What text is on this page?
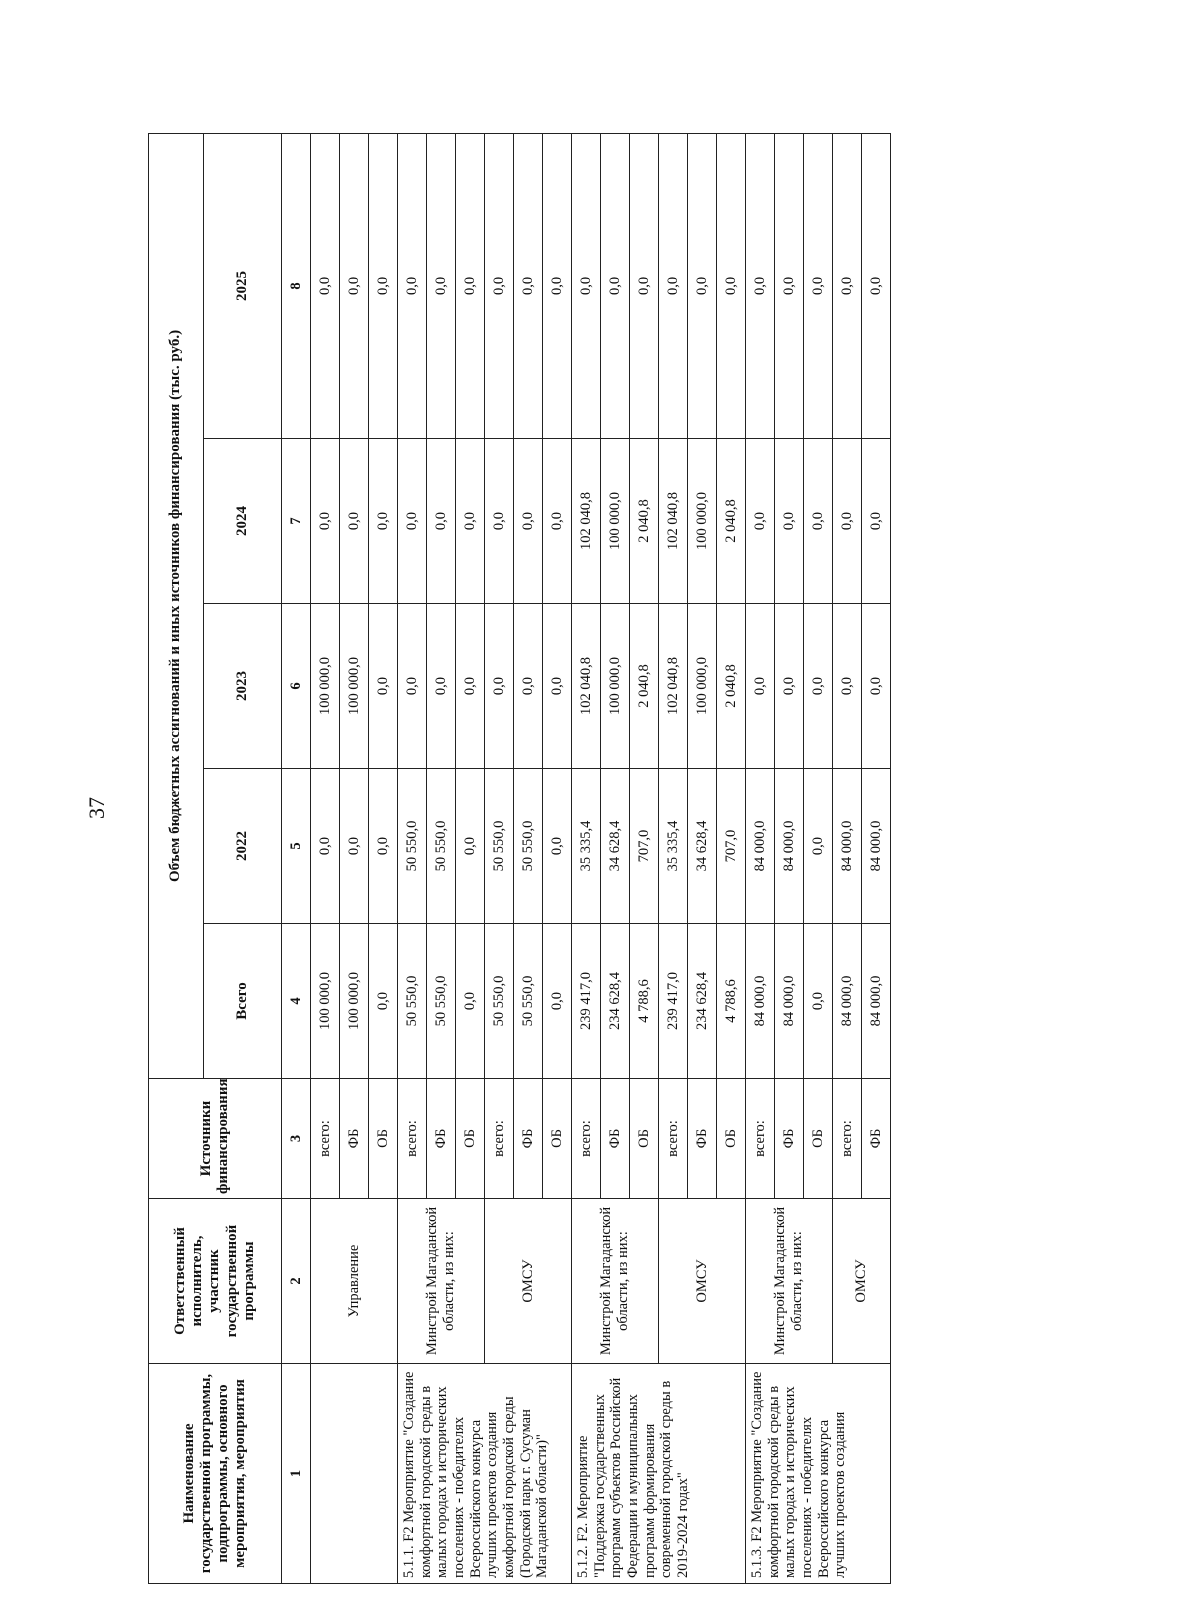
37
Наименование государственной программы, подпрограммы, основного мероприятия, мероприятия	Ответственный исполнитель, участник государственной программы	Источники финансирования	Объем бюджетных ассигнований и иных источников финансирования (тыс. руб.)				
			Всего	2022	2023	2024	2025
1	2	3	4	5	6	7	8
	Управление	всего:	100 000,0	0,0	100 000,0	0,0	0,0
		ФБ	100 000,0	0,0	100 000,0	0,0	0,0
		ОБ	0,0	0,0	0,0	0,0	0,0
5.1.1. F2 Мероприятие "Создание комфортной городской среды в малых городах и исторических поселениях - победителях Всероссийского конкурса лучших проектов создания комфортной городской среды (Городской парк г. Сусуман Магаданской области)"	Минстрой Магаданской области, из них:	всего:	50 550,0	50 550,0	0,0	0,0	0,0
		ФБ	50 550,0	50 550,0	0,0	0,0	0,0
		ОБ	0,0	0,0	0,0	0,0	0,0
	ОМСУ	всего:	50 550,0	50 550,0	0,0	0,0	0,0
		ФБ	50 550,0	50 550,0	0,0	0,0	0,0
		ОБ	0,0	0,0	0,0	0,0	0,0
5.1.2. F2. Мероприятие "Поддержка государственных программ субъектов Российской Федерации и муниципальных программ формирования современной городской среды в 2019-2024 годах"	Минстрой Магаданской области, из них:	всего:	239 417,0	35 335,4	102 040,8	102 040,8	0,0
		ФБ	234 628,4	34 628,4	100 000,0	100 000,0	0,0
		ОБ	4 788,6	707,0	2 040,8	2 040,8	0,0
	ОМСУ	всего:	239 417,0	35 335,4	102 040,8	102 040,8	0,0
		ФБ	234 628,4	34 628,4	100 000,0	100 000,0	0,0
		ОБ	4 788,6	707,0	2 040,8	2 040,8	0,0
5.1.3. F2 Мероприятие "Создание комфортной городской среды в малых городах и исторических поселениях - победителях Всероссийского конкурса лучших проектов создания	Минстрой Магаданской области, из них:	всего:	84 000,0	84 000,0	0,0	0,0	0,0
		ФБ	84 000,0	84 000,0	0,0	0,0	0,0
		ОБ	0,0	0,0	0,0	0,0	0,0
	ОМСУ	всего:	84 000,0	84 000,0	0,0	0,0	0,0
		ФБ	84 000,0	84 000,0	0,0	0,0	0,0
